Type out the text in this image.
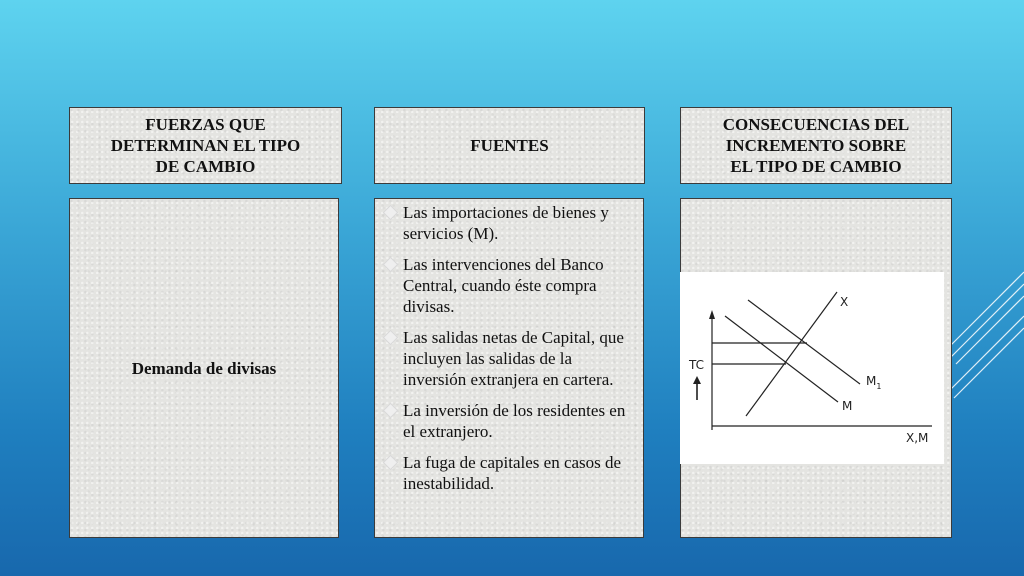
FUERZAS QUE
DETERMINAN EL TIPO
DE CAMBIO
FUENTES
CONSECUENCIAS DEL
INCREMENTO SOBRE
EL TIPO DE CAMBIO
Demanda de divisas
Las importaciones de bienes y servicios (M).
Las intervenciones del Banco Central, cuando éste compra divisas.
Las salidas netas de Capital, que incluyen las salidas de la inversión extranjera en cartera.
La inversión de los residentes en el extranjero.
La fuga de capitales en casos de inestabilidad.
TC
X
M
$M_1$
X,M
